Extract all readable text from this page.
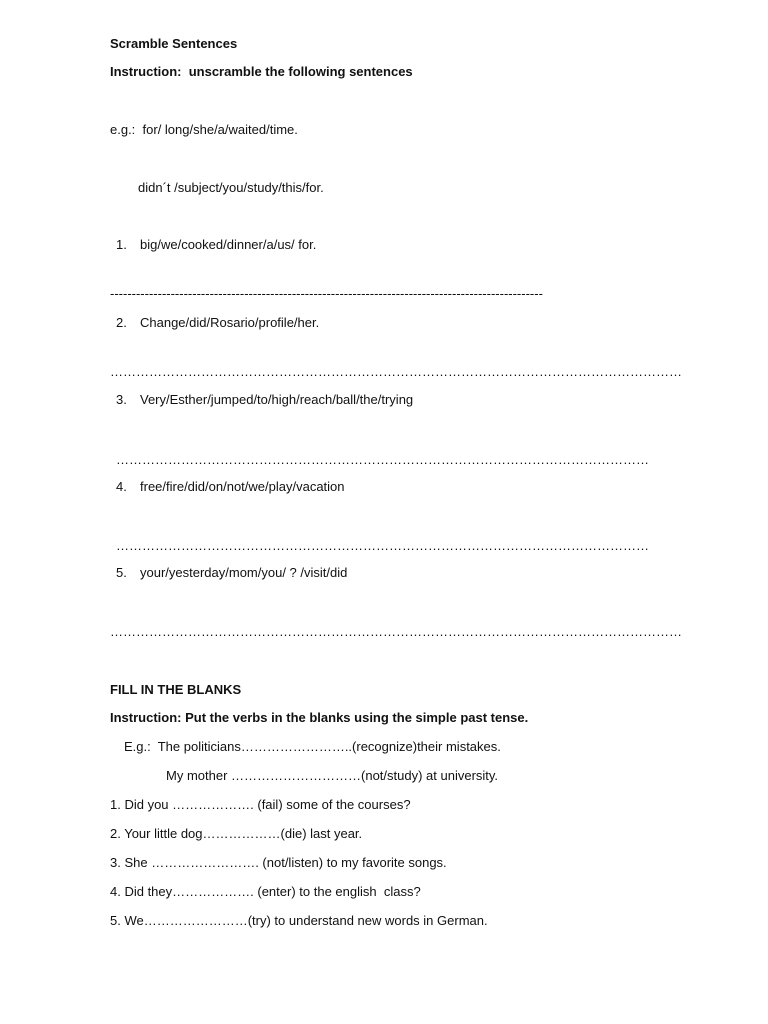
Scramble Sentences
Instruction:  unscramble the following sentences
e.g.:  for/ long/she/a/waited/time.
didn´t /subject/you/study/this/for.
1. big/we/cooked/dinner/a/us/ for.
----------------------------------------------------------------------------------------------------
2. Change/did/Rosario/profile/her.
……………………………………………………………………………………………………………………
3. Very/Esther/jumped/to/high/reach/ball/the/trying
……………………………………………………………………………………………………………
4. free/fire/did/on/not/we/play/vacation
……………………………………………………………………………………………………………
5. your/yesterday/mom/you/ ? /visit/did
……………………………………………………………………………………………………………………
FILL IN THE BLANKS
Instruction: Put the verbs in the blanks using the simple past tense.
E.g.:  The politicians……………………..(recognize)their mistakes.
My mother …………………………(not/study) at university.
1. Did you ………………. (fail) some of the courses?
2. Your little dog………………(die) last year.
3. She ……………………. (not/listen) to my favorite songs.
4. Did they………………. (enter) to the english  class?
5. We……………………(try) to understand new words in German.
